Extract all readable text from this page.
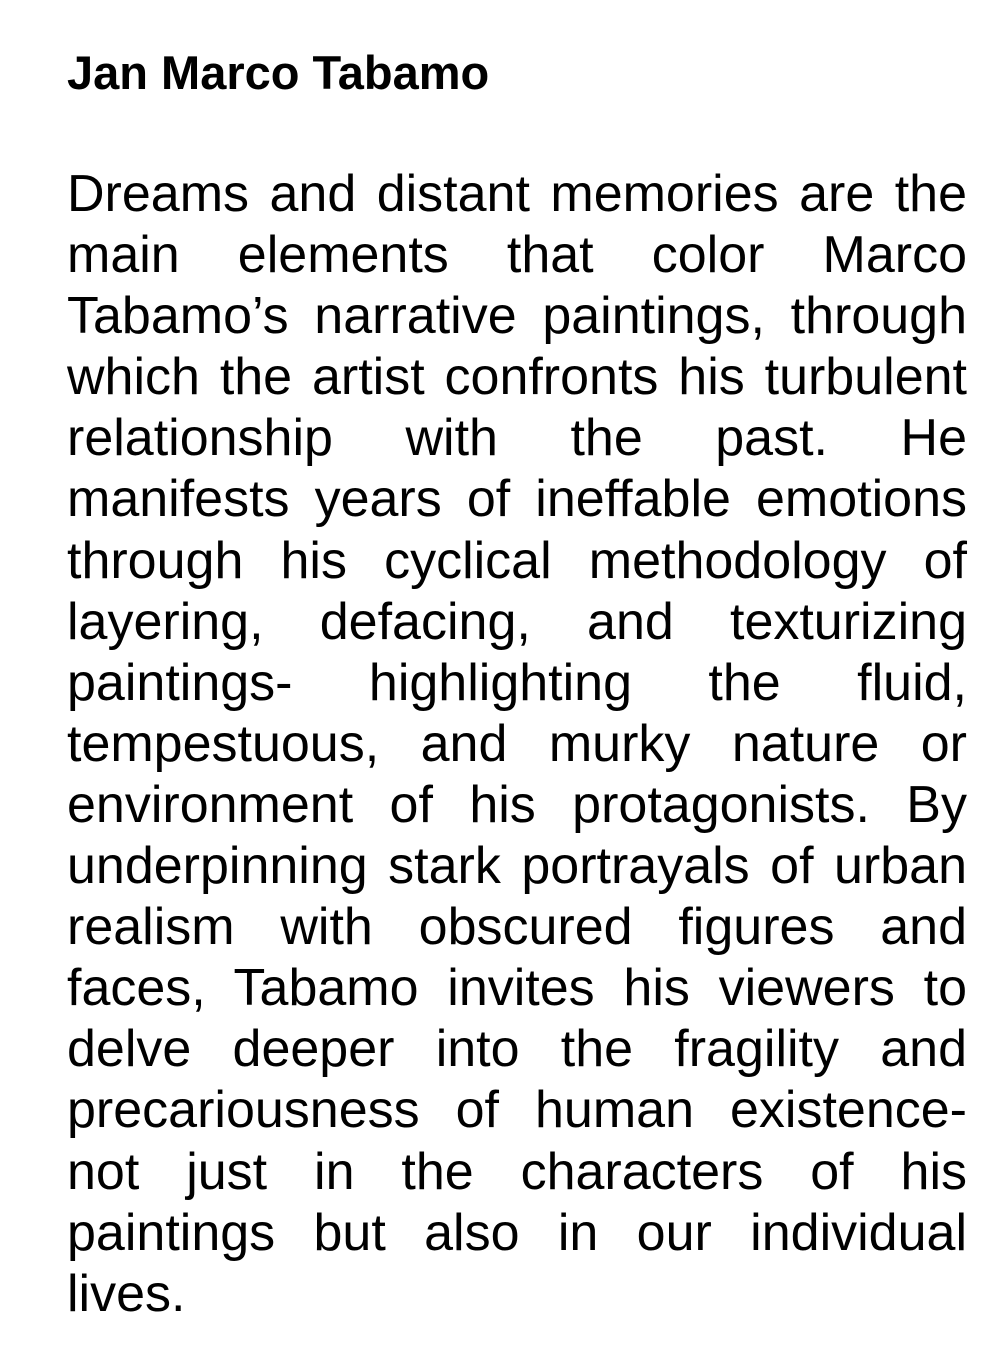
Jan Marco Tabamo
Dreams and distant memories are the
main elements that color Marco
Tabamo’s narrative paintings, through
which the artist confronts his turbulent
relationship with the past. He
manifests years of ineffable emotions
through his cyclical methodology of
layering, defacing, and texturizing
paintings- highlighting the fluid,
tempestuous, and murky nature or
environment of his protagonists. By
underpinning stark portrayals of urban
realism with obscured figures and
faces, Tabamo invites his viewers to
delve deeper into the fragility and
precariousness of human existence-
not just in the characters of his
paintings but also in our individual
lives.
